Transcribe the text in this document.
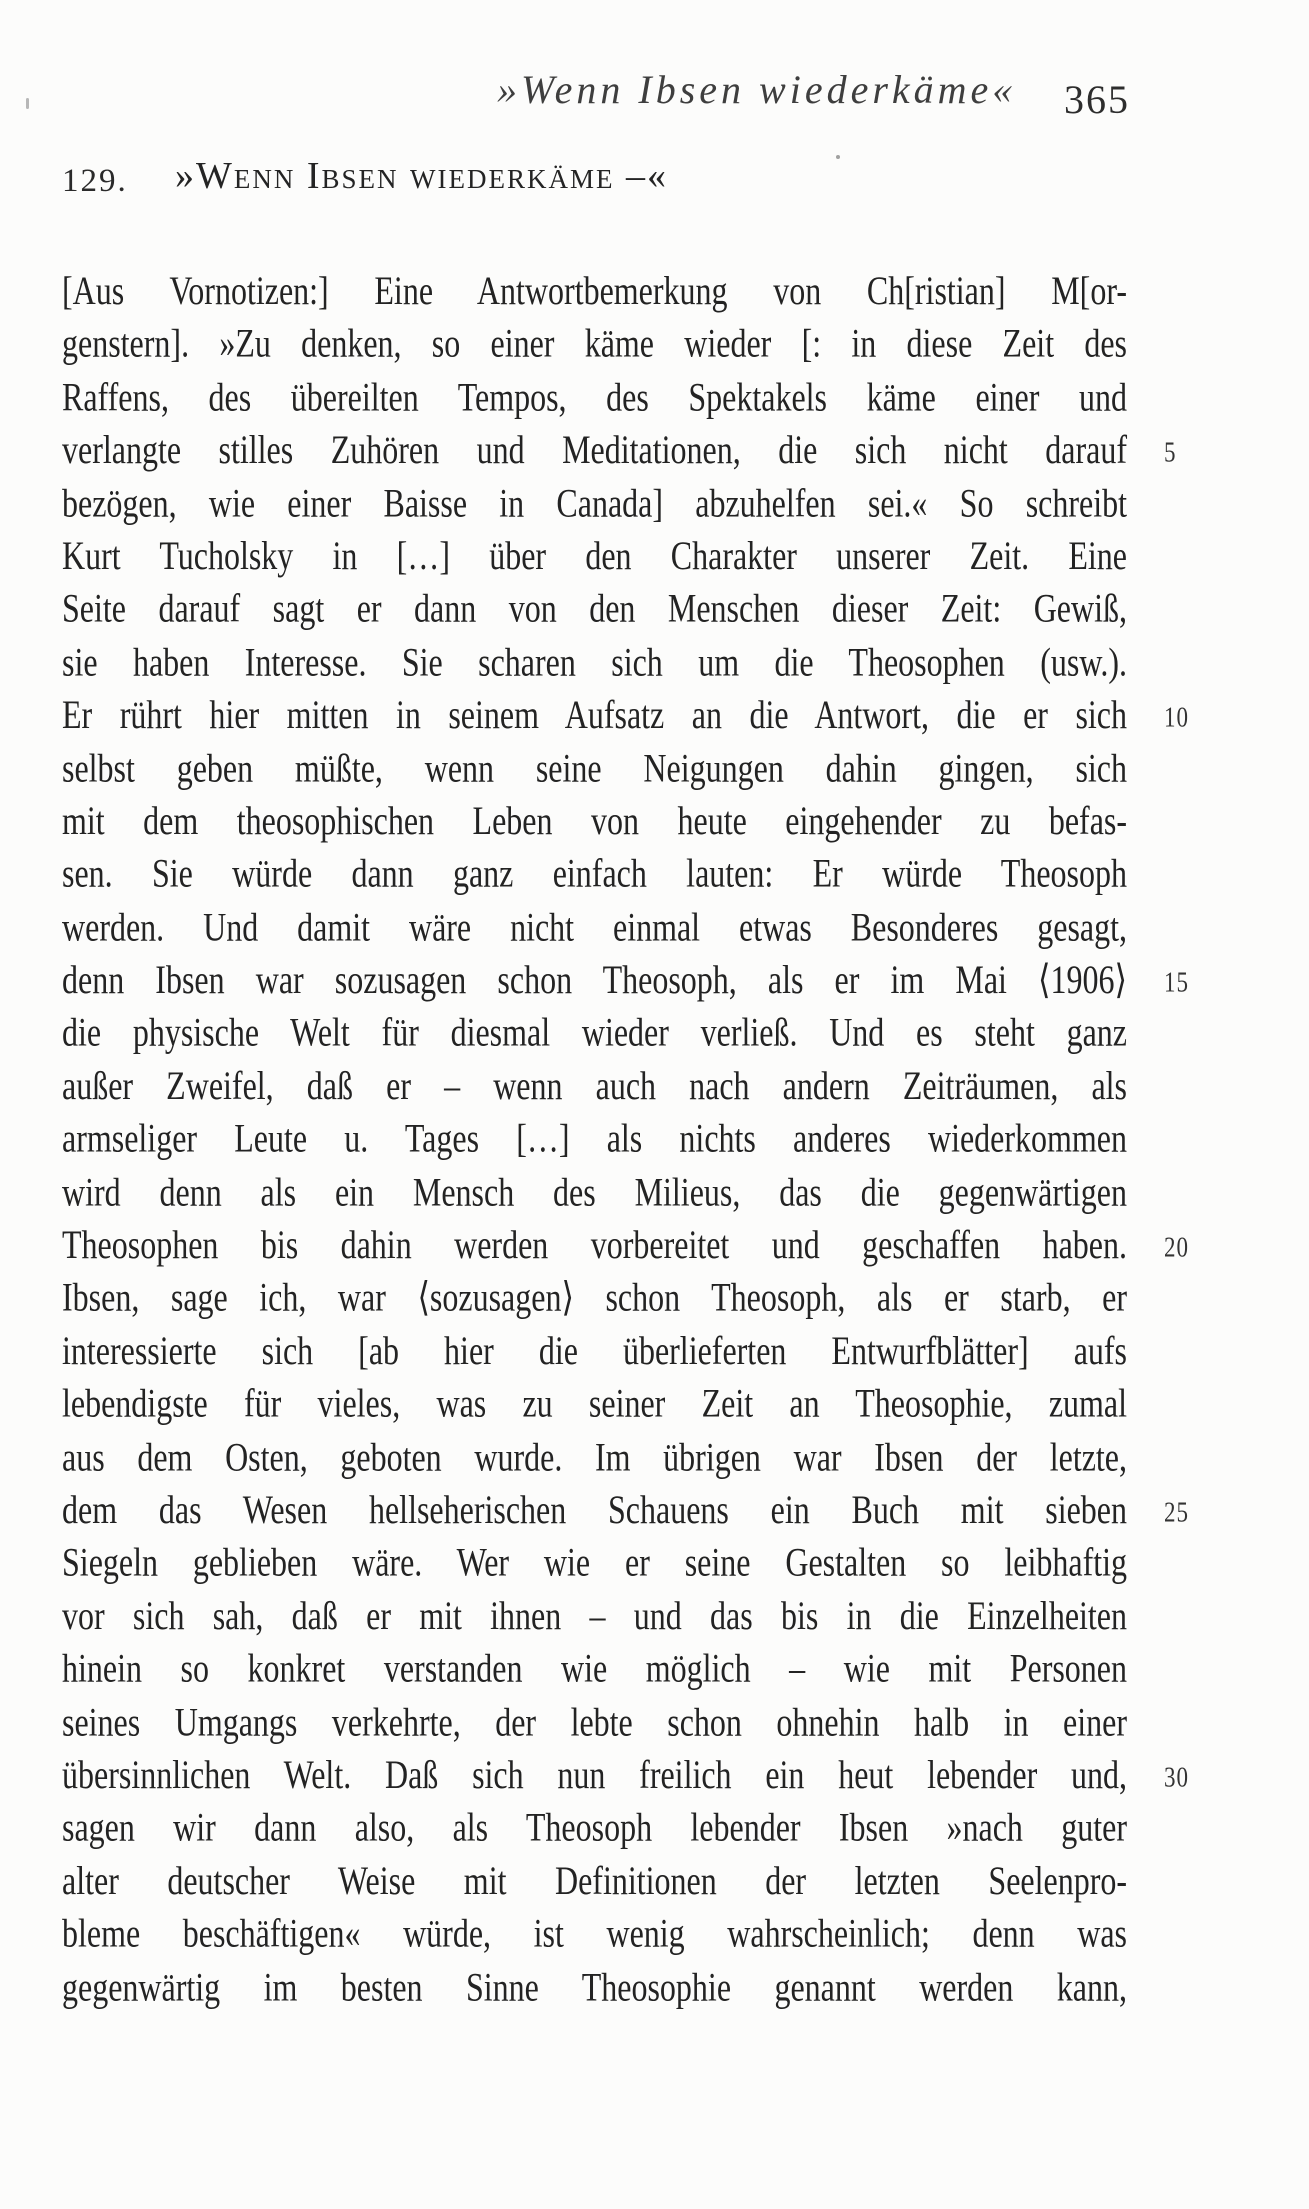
»Wenn Ibsen wiederkäme« 365
129. »Wenn Ibsen wiederkäme –«
[Aus Vornotizen:] Eine Antwortbemerkung von Ch[ristian] M[or-
genstern]. »Zu denken, so einer käme wieder [: in diese Zeit des
Raffens, des übereilten Tempos, des Spektakels käme einer und
verlangte stilles Zuhören und Meditationen, die sich nicht darauf 5
bezögen, wie einer Baisse in Canada] abzuhelfen sei.« So schreibt
Kurt Tucholsky in […] über den Charakter unserer Zeit. Eine
Seite darauf sagt er dann von den Menschen dieser Zeit: Gewiß,
sie haben Interesse. Sie scharen sich um die Theosophen (usw.).
Er rührt hier mitten in seinem Aufsatz an die Antwort, die er sich 10
selbst geben müßte, wenn seine Neigungen dahin gingen, sich
mit dem theosophischen Leben von heute eingehender zu befas-
sen. Sie würde dann ganz einfach lauten: Er würde Theosoph
werden. Und damit wäre nicht einmal etwas Besonderes gesagt,
denn Ibsen war sozusagen schon Theosoph, als er im Mai ⟨1906⟩ 15
die physische Welt für diesmal wieder verließ. Und es steht ganz
außer Zweifel, daß er – wenn auch nach andern Zeiträumen, als
armseliger Leute u. Tages […] als nichts anderes wiederkommen
wird denn als ein Mensch des Milieus, das die gegenwärtigen
Theosophen bis dahin werden vorbereitet und geschaffen haben. 20
Ibsen, sage ich, war ⟨sozusagen⟩ schon Theosoph, als er starb, er
interessierte sich [ab hier die überlieferten Entwurfblätter] aufs
lebendigste für vieles, was zu seiner Zeit an Theosophie, zumal
aus dem Osten, geboten wurde. Im übrigen war Ibsen der letzte,
dem das Wesen hellseherischen Schauens ein Buch mit sieben 25
Siegeln geblieben wäre. Wer wie er seine Gestalten so leibhaftig
vor sich sah, daß er mit ihnen – und das bis in die Einzelheiten
hinein so konkret verstanden wie möglich – wie mit Personen
seines Umgangs verkehrte, der lebte schon ohnehin halb in einer
übersinnlichen Welt. Daß sich nun freilich ein heut lebender und, 30
sagen wir dann also, als Theosoph lebender Ibsen »nach guter
alter deutscher Weise mit Definitionen der letzten Seelenpro-
bleme beschäftigen« würde, ist wenig wahrscheinlich; denn was
gegenwärtig im besten Sinne Theosophie genannt werden kann,
